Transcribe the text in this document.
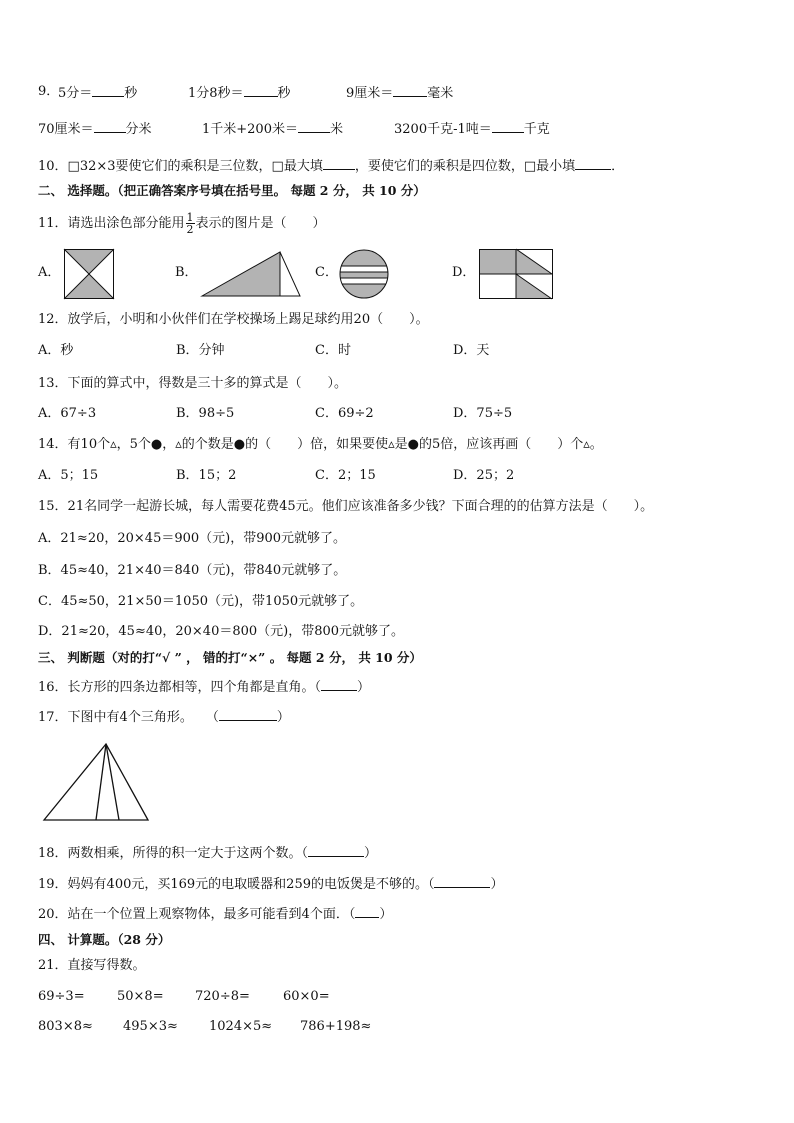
9．
5分＝ 秒	1分8秒＝	秒	9厘米＝	毫米
70厘米＝ 分米	1千米+200米＝ 米	3200千克-1吨＝ 千克
10．□32×3要使它们的乘积是三位数，□最大填 ，要使它们的乘积是四位数，□最小填	．
二、 选择题。（把正确答案序号填在括号里。 每题 2 分， 共 10 分）
11．请选出涂色部分能用 $\frac{1}{2}$ 表示的图片是（　　）
A．	B．	C．	D．
12．放学后，小明和小伙伴们在学校操场上踢足球约用20（　　）。
A．秒	B．分钟	C．时	D．天
13．下面的算式中，得数是三十多的算式是（　　）。
A．67÷3	B．98÷5	C．69÷2	D．75÷5
14．有10个▵，5个●，▵的个数是●的（　　）倍，如果要使▵是●的5倍，应该再画（　　）个▵。
A．5；15	B．15；2	C．2；15	D．25；2
15．21名同学一起游长城，每人需要花费45元。他们应该准备多少钱？下面合理的的估算方法是（　　）。
A．21≈20，20×45＝900（元)，带900元就够了。
B．45≈40，21×40＝840（元)，带840元就够了。
C．45≈50，21×50＝1050（元)，带1050元就够了。
D．21≈20，45≈40，20×40＝800（元)，带800元就够了。
三、 判断题（对的打“√ ” ， 错的打“×” 。 每题 2 分， 共 10 分）
16．长方形的四条边都相等，四个角都是直角。（	）
17．下图中有4个三角形。　　（	）
18．两数相乘，所得的积一定大于这两个数。（	）
19．妈妈有400元，买169元的电取暖器和259的电饭煲是不够的。（	）
20．站在一个位置上观察物体，最多可能看到4个面．（ ）
四、 计算题。（28 分）
21．直接写得数。
69÷3= 50×8= 720÷8=	60×0=
803×8≈ 495×3≈ 1024×5≈ 786+198≈
